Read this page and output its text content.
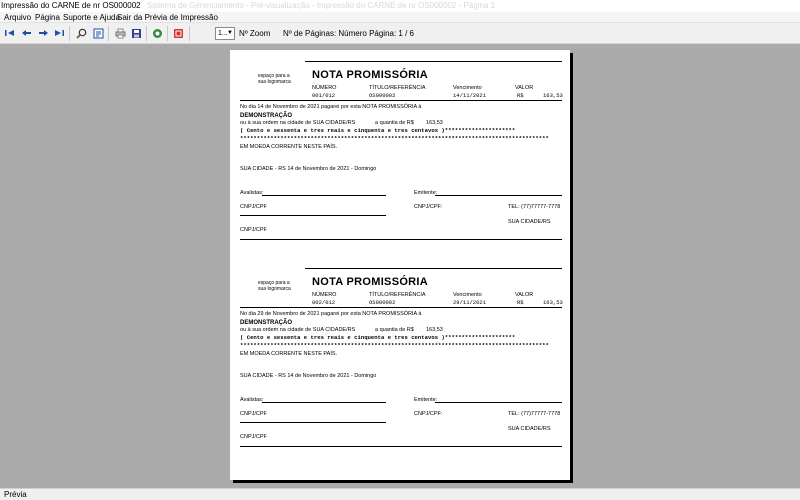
Impressão do CARNE de nr OS000002 Sistema de Gerenciamento - Pré-visualização - Impressão do CARNE de nr OS000002 - Página 1
Arquivo Página Suporte e Ajuda
Sair da Prévia de Impressão
1... ▼ Nº Zoom Nº de Páginas: Número Página: 1 / 6
espaço para a
sua logomarca
NOTA PROMISSÓRIA
NÚMERO	TÍTULO/REFERÊNCIA	Vencimento	VALOR
001/012	OS000002	14/11/2021	R$	163,53
No dia 14 de Novembro de 2021 pagarei por esta NOTA PROMISSÓRIA à
DEMONSTRAÇÃO
ou à sua ordem na cidade de SUA CIDADE/RS	a quantia de R$ 163,53
( Cento e sessenta e tres reais e cinquenta e tres centavos )*********************
********************************************************************************************
EM MOEDA CORRENTE NESTE PAÍS.
SUA CIDADE - RS 14 de Novembro de 2021 - Domingo
Avalistas:	Emitente:
CNPJ/CPF	CNPJ/CPF:	TEL: (77)77777-7778
SUA CIDADE/RS
CNPJ/CPF
espaço para a
sua logomarca
NOTA PROMISSÓRIA
NÚMERO	TÍTULO/REFERÊNCIA	Vencimento	VALOR
002/012	OS000002	29/11/2021	R$	163,53
No dia 29 de Novembro de 2021 pagarei por esta NOTA PROMISSÓRIA à
DEMONSTRAÇÃO
ou à sua ordem na cidade de SUA CIDADE/RS	a quantia de R$ 163,53
( Cento e sessenta e tres reais e cinquenta e tres centavos )*********************
********************************************************************************************
EM MOEDA CORRENTE NESTE PAÍS.
SUA CIDADE - RS 14 de Novembro de 2021 - Domingo
Avalistas:	Emitente:
CNPJ/CPF	CNPJ/CPF:	TEL: (77)77777-7778
SUA CIDADE/RS
CNPJ/CPF
Prévia
